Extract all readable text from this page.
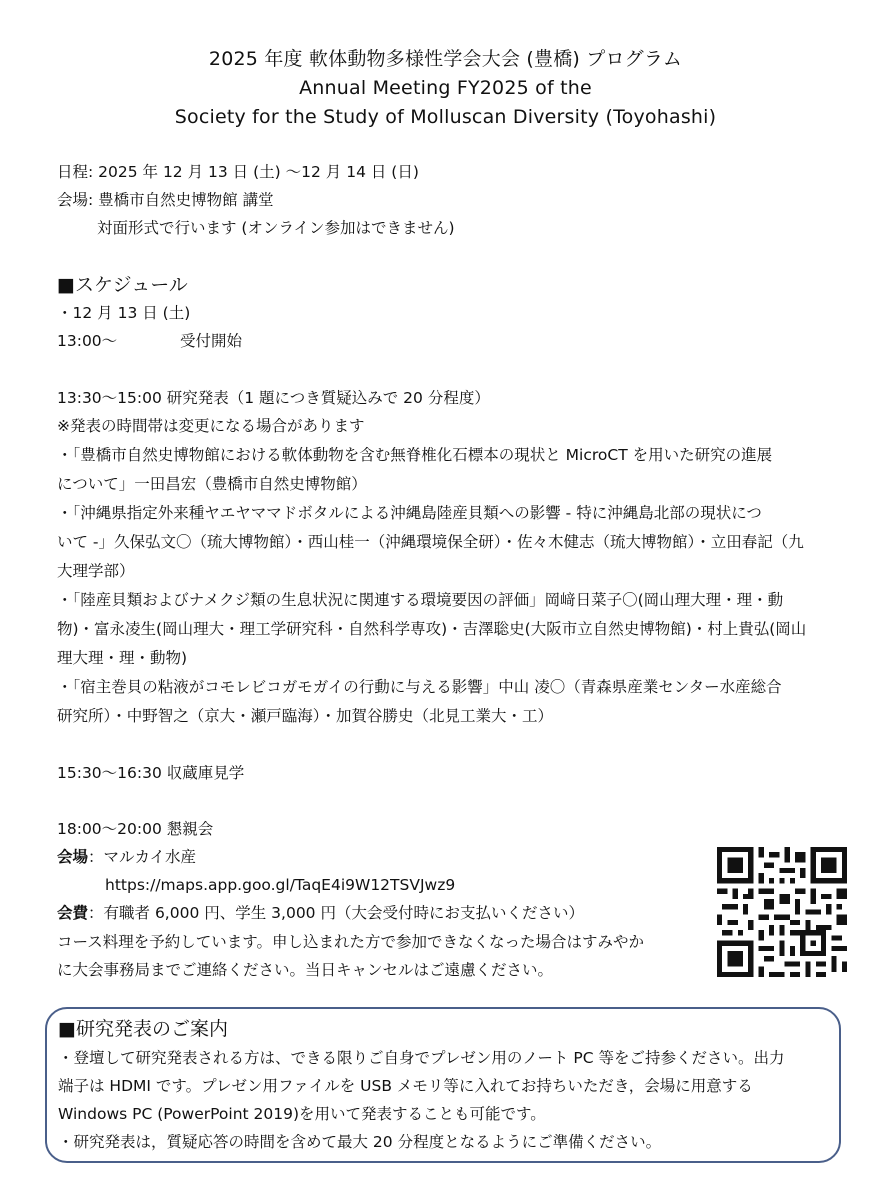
2025 年度 軟体動物多様性学会大会 (豊橋) プログラム
Annual Meeting FY2025 of the
Society for the Study of Molluscan Diversity (Toyohashi)
日程: 2025 年 12 月 13 日 (土) ～12 月 14 日 (日)
会場: 豊橋市自然史博物館 講堂
対面形式で行います (オンライン参加はできません)
■スケジュール
・12 月 13 日 (土)
13:00～	受付開始
13:30～15:00 研究発表（1 題につき質疑込みで 20 分程度）
※発表の時間帯は変更になる場合があります
・「豊橋市自然史博物館における軟体動物を含む無脊椎化石標本の現状と MicroCT を用いた研究の進展
について」一田昌宏（豊橋市自然史博物館）
・「沖縄県指定外来種ヤエヤママドボタルによる沖縄島陸産貝類への影響 - 特に沖縄島北部の現状につ
いて -」久保弘文〇（琉大博物館）・西山桂一（沖縄環境保全研）・佐々木健志（琉大博物館）・立田春記（九
大理学部）
・「陸産貝類およびナメクジ類の生息状況に関連する環境要因の評価」岡﨑日菜子〇(岡山理大理・理・動
物)・富永凌生(岡山理大・理工学研究科・自然科学専攻)・吉澤聡史(大阪市立自然史博物館)・村上貴弘(岡山
理大理・理・動物)
・「宿主巻貝の粘液がコモレビコガモガイの行動に与える影響」中山 凌〇（青森県産業センター水産総合
研究所）・中野智之（京大・瀬戸臨海）・加賀谷勝史（北見工業大・工）
15:30～16:30 収蔵庫見学
18:00～20:00 懇親会
会場：マルカイ水産
https://maps.app.goo.gl/TaqE4i9W12TSVJwz9
会費：有職者 6,000 円、学生 3,000 円（大会受付時にお支払いください）
コース料理を予約しています。申し込まれた方で参加できなくなった場合はすみやか
に大会事務局までご連絡ください。当日キャンセルはご遠慮ください。
■研究発表のご案内
・登壇して研究発表される方は、できる限りご自身でプレゼン用のノート PC 等をご持参ください。出力
端子は HDMI です。プレゼン用ファイルを USB メモリ等に入れてお持ちいただき，会場に用意する
Windows PC (PowerPoint 2019)を用いて発表することも可能です。
・研究発表は，質疑応答の時間を含めて最大 20 分程度となるようにご準備ください。
